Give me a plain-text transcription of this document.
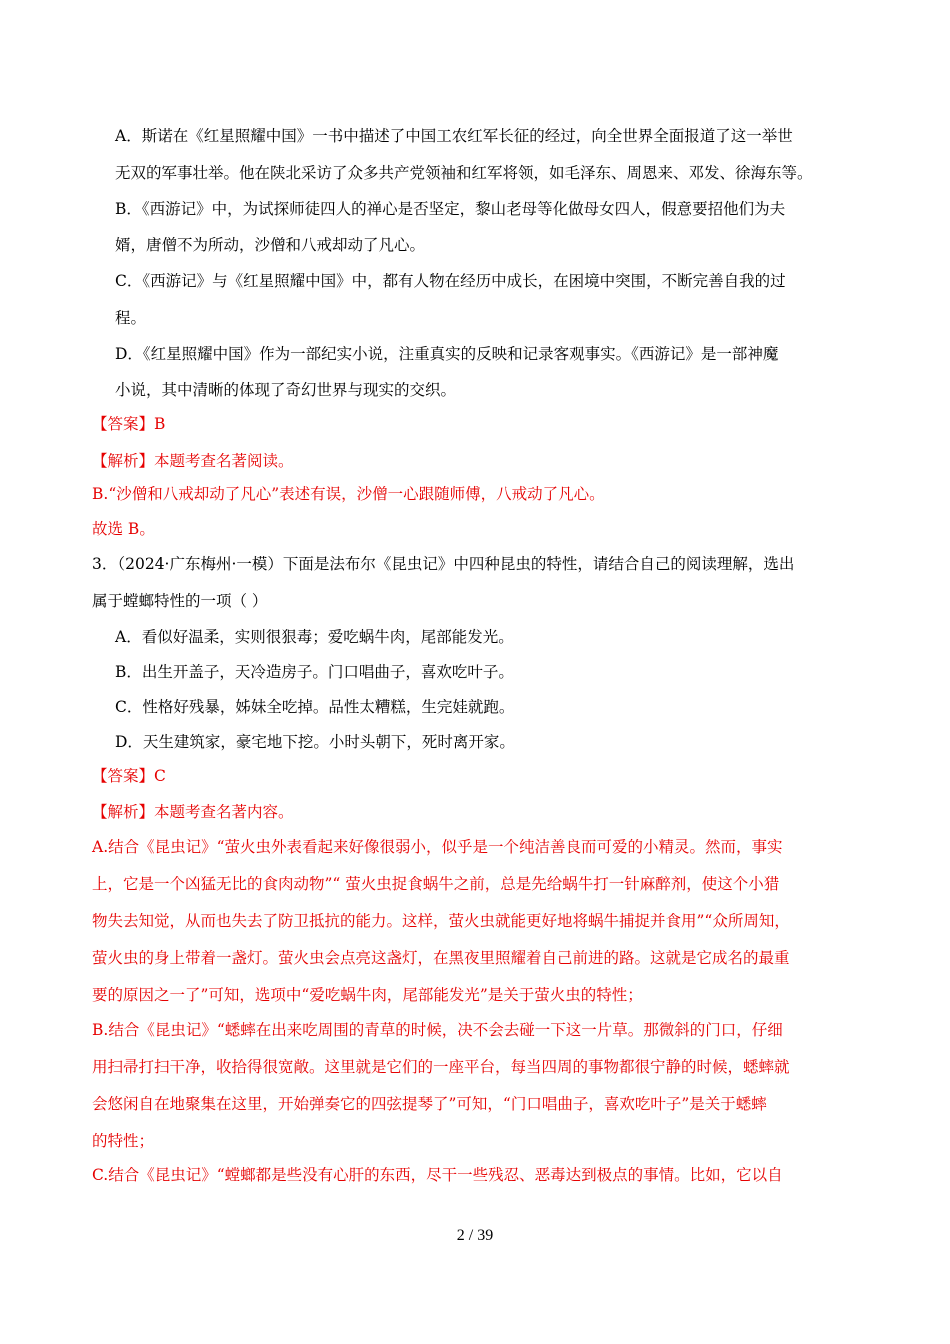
A．斯诺在《红星照耀中国》一书中描述了中国工农红军长征的经过，向全世界全面报道了这一举世
无双的军事壮举。他在陕北采访了众多共产党领袖和红军将领，如毛泽东、周恩来、邓发、徐海东等。
B．《西游记》中，为试探师徒四人的禅心是否坚定，黎山老母等化做母女四人，假意要招他们为夫
婿，唐僧不为所动，沙僧和八戒却动了凡心。
C．《西游记》与《红星照耀中国》中，都有人物在经历中成长，在困境中突围，不断完善自我的过
程。
D．《红星照耀中国》作为一部纪实小说，注重真实的反映和记录客观事实。《西游记》是一部神魔
小说，其中清晰的体现了奇幻世界与现实的交织。
【答案】B
【解析】本题考查名著阅读。
B.“沙僧和八戒却动了凡心”表述有误，沙僧一心跟随师傅，八戒动了凡心。
故选 B。
3．（2024·广东梅州·一模）下面是法布尔《昆虫记》中四种昆虫的特性，请结合自己的阅读理解，选出
属于螳螂特性的一项（ ）
A．看似好温柔，实则很狠毒；爱吃蜗牛肉，尾部能发光。
B．出生开盖子，天冷造房子。门口唱曲子，喜欢吃叶子。
C．性格好残暴，姊妹全吃掉。品性太糟糕，生完娃就跑。
D．天生建筑家，豪宅地下挖。小时头朝下，死时离开家。
【答案】C
【解析】本题考查名著内容。
A.结合《昆虫记》“萤火虫外表看起来好像很弱小，似乎是一个纯洁善良而可爱的小精灵。然而，事实
上，它是一个凶猛无比的食肉动物”“ 萤火虫捉食蜗牛之前，总是先给蜗牛打一针麻醉剂，使这个小猎
物失去知觉，从而也失去了防卫抵抗的能力。这样，萤火虫就能更好地将蜗牛捕捉并食用”“众所周知，
萤火虫的身上带着一盏灯。萤火虫会点亮这盏灯，在黑夜里照耀着自己前进的路。这就是它成名的最重
要的原因之一了”可知，选项中“爱吃蜗牛肉，尾部能发光”是关于萤火虫的特性；
B.结合《昆虫记》“蟋蟀在出来吃周围的青草的时候，决不会去碰一下这一片草。那微斜的门口，仔细
用扫帚打扫干净，收拾得很宽敞。这里就是它们的一座平台，每当四周的事物都很宁静的时候，蟋蟀就
会悠闲自在地聚集在这里，开始弹奏它的四弦提琴了”可知，“门口唱曲子，喜欢吃叶子”是关于蟋蟀
的特性；
C.结合《昆虫记》“螳螂都是些没有心肝的东西，尽干一些残忍、恶毒达到极点的事情。比如，它以自
2 / 39
